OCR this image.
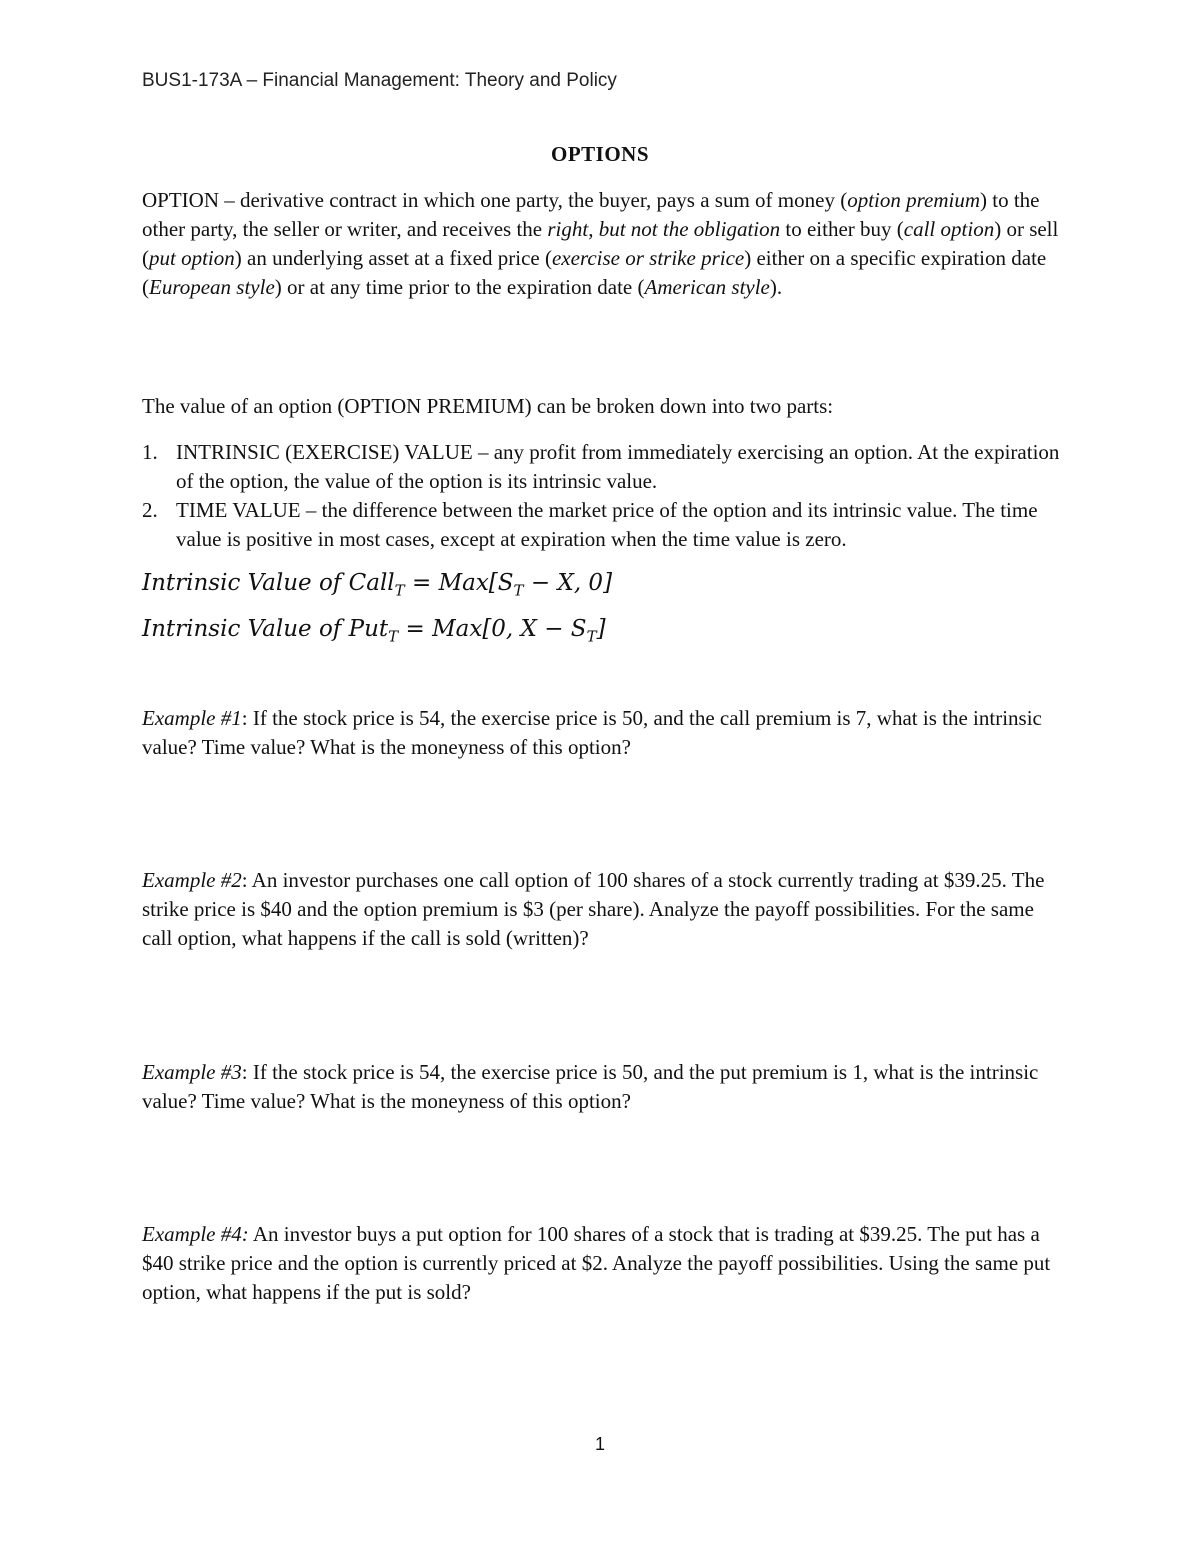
BUS1-173A – Financial Management: Theory and Policy
OPTIONS

OPTION – derivative contract in which one party, the buyer, pays a sum of money (option premium) to the other party, the seller or writer, and receives the right, but not the obligation to either buy (call option) or sell (put option) an underlying asset at a fixed price (exercise or strike price) either on a specific expiration date (European style) or at any time prior to the expiration date (American style).

The value of an option (OPTION PREMIUM) can be broken down into two parts:

1. INTRINSIC (EXERCISE) VALUE – any profit from immediately exercising an option. At the expiration of the option, the value of the option is its intrinsic value.
2. TIME VALUE – the difference between the market price of the option and its intrinsic value. The time value is positive in most cases, except at expiration when the time value is zero.
Intrinsic Value of Call$_T$ = $Max[S_T - X$, 0]
Intrinsic Value of Put$_T$ = Max[0, $X - S_T$]

Example #1: If the stock price is 54, the exercise price is 50, and the call premium is 7, what is the intrinsic value? Time value? What is the moneyness of this option?

Example #2: An investor purchases one call option of 100 shares of a stock currently trading at $39.25. The strike price is $40 and the option premium is $3 (per share). Analyze the payoff possibilities. For the same call option, what happens if the call is sold (written)?

Example #3: If the stock price is 54, the exercise price is 50, and the put premium is 1, what is the intrinsic value? Time value? What is the moneyness of this option?

Example #4: An investor buys a put option for 100 shares of a stock that is trading at $39.25. The put has a $40 strike price and the option is currently priced at $2. Analyze the payoff possibilities. Using the same put option, what happens if the put is sold?

1
